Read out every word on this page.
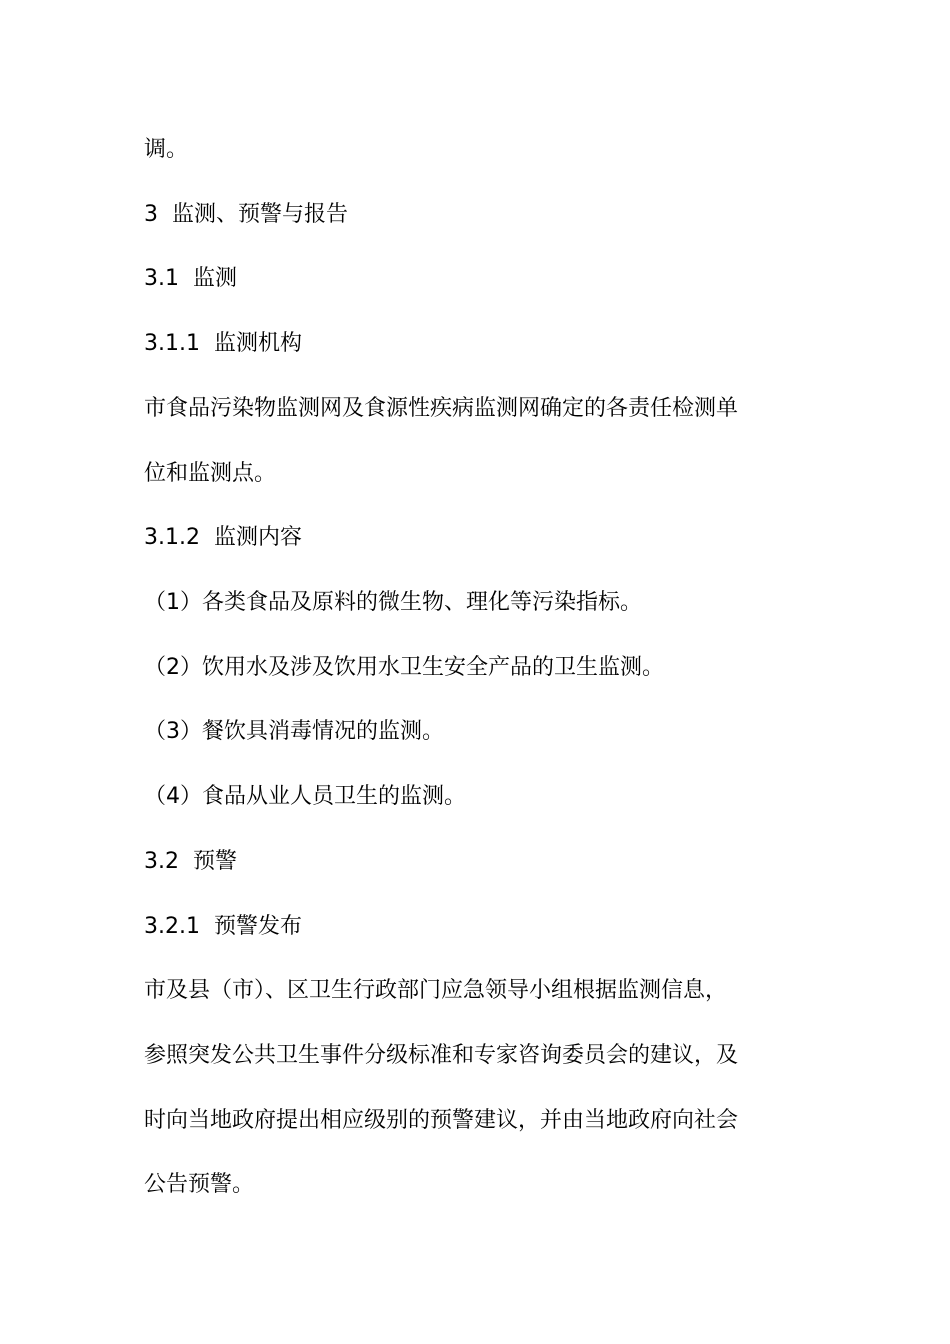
调。
3  监测、预警与报告
3.1  监测
3.1.1  监测机构
市食品污染物监测网及食源性疾病监测网确定的各责任检测单
位和监测点。
3.1.2  监测内容
（1）各类食品及原料的微生物、理化等污染指标。
（2）饮用水及涉及饮用水卫生安全产品的卫生监测。
（3）餐饮具消毒情况的监测。
（4）食品从业人员卫生的监测。
3.2  预警
3.2.1  预警发布
市及县（市）、区卫生行政部门应急领导小组根据监测信息，
参照突发公共卫生事件分级标准和专家咨询委员会的建议，及
时向当地政府提出相应级别的预警建议，并由当地政府向社会
公告预警。
